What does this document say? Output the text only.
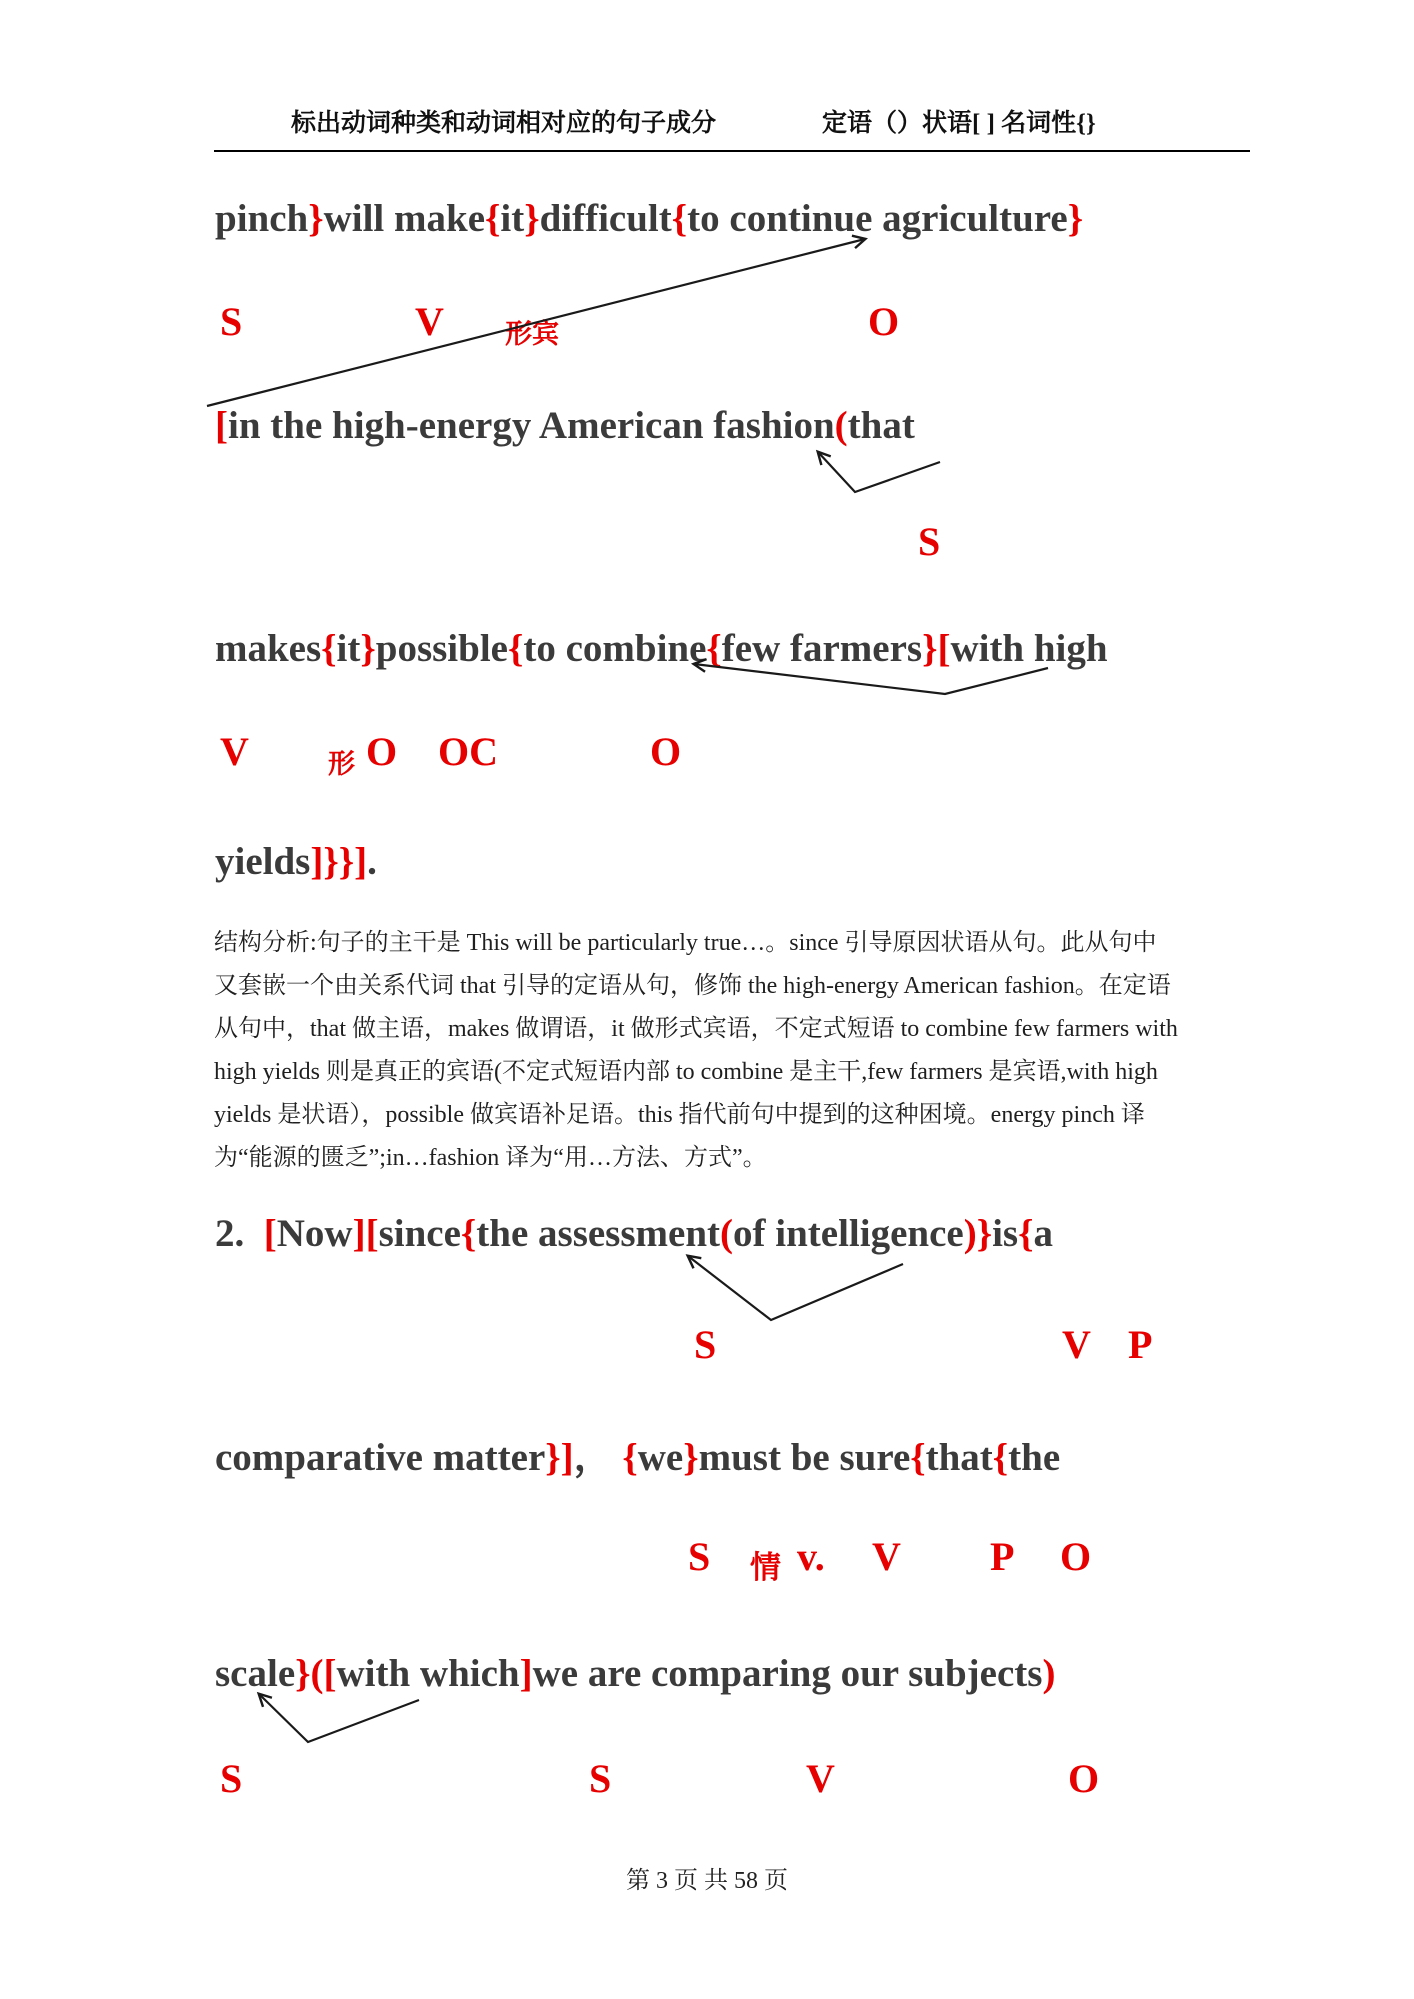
标出动词种类和动词相对应的句子成分	定语（）状语[ ] 名词性{}
pinch}will make{it}difficult{to continue agriculture}
[in the high-energy American fashion(that
makes{it}possible{to combine{few farmers}[with high
yields]}}].
2.  [Now][since{the assessment(of intelligence)}is{a
comparative matter}]， {we}must be sure{that{the
scale}([with which]we are comparing our subjects)
S	V 形宾	O
S
V	形 O OC	O
S	V P
S 情 v. V P O
S	S	V	O
结构分析:句子的主干是 This will be particularly true…。since 引导原因状语从句。此从句中
又套嵌一个由关系代词 that 引导的定语从句，修饰 the high-energy American fashion。在定语
从句中，that 做主语，makes 做谓语，it 做形式宾语，不定式短语 to combine few farmers with
high yields 则是真正的宾语(不定式短语内部 to combine 是主干,few farmers 是宾语,with high
yields 是状语），possible 做宾语补足语。this 指代前句中提到的这种困境。energy pinch 译
为“能源的匮乏”;in…fashion 译为“用…方法、方式”。
第 3 页 共 58 页
